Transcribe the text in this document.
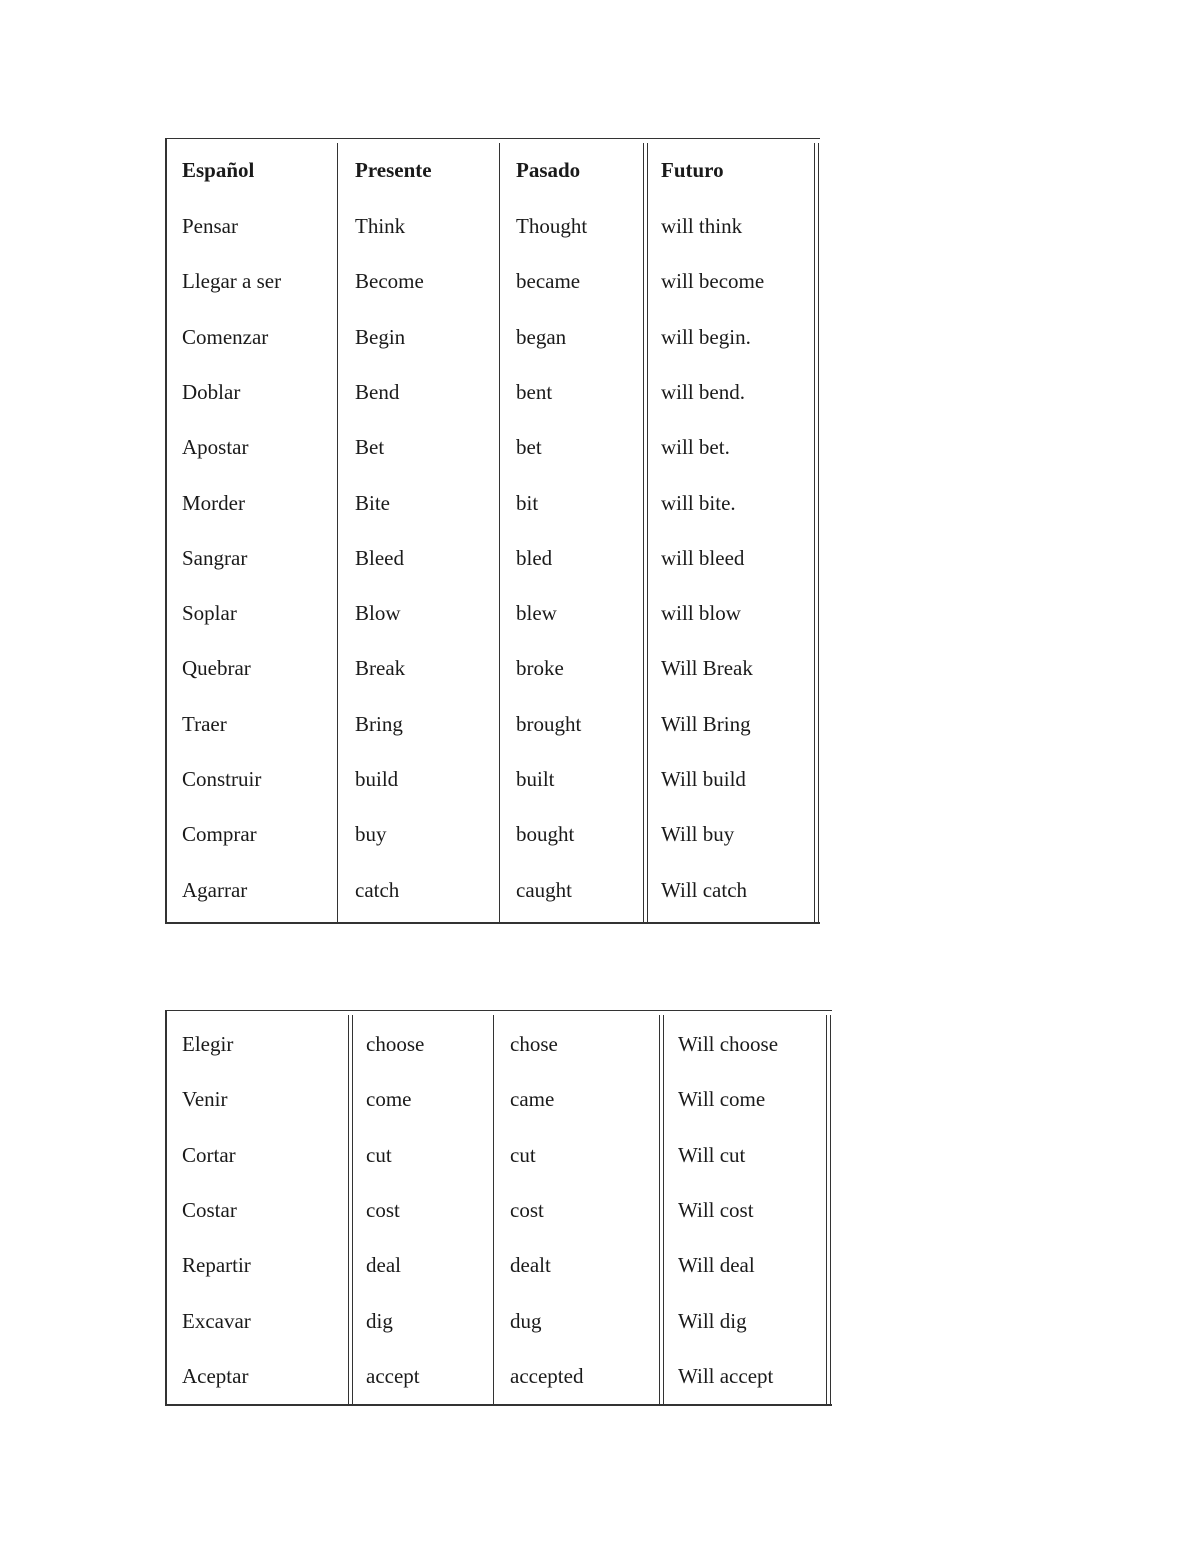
Español	Presente	Pasado	Futuro
Pensar	Think	Thought	will think
Llegar a ser	Become	became	will become
Comenzar	Begin	began	will begin.
Doblar	Bend	bent	will bend.
Apostar	Bet	bet	will bet.
Morder	Bite	bit	will bite.
Sangrar	Bleed	bled	will bleed
Soplar	Blow	blew	will blow
Quebrar	Break	broke	Will Break
Traer	Bring	brought	Will Bring
Construir	build	built	Will build
Comprar	buy	bought	Will buy
Agarrar	catch	caught	Will catch
Elegir	choose	chose	Will choose
Venir	come	came	Will come
Cortar	cut	cut	Will cut
Costar	cost	cost	Will cost
Repartir	deal	dealt	Will deal
Excavar	dig	dug	Will dig
Aceptar	accept	accepted	Will accept
